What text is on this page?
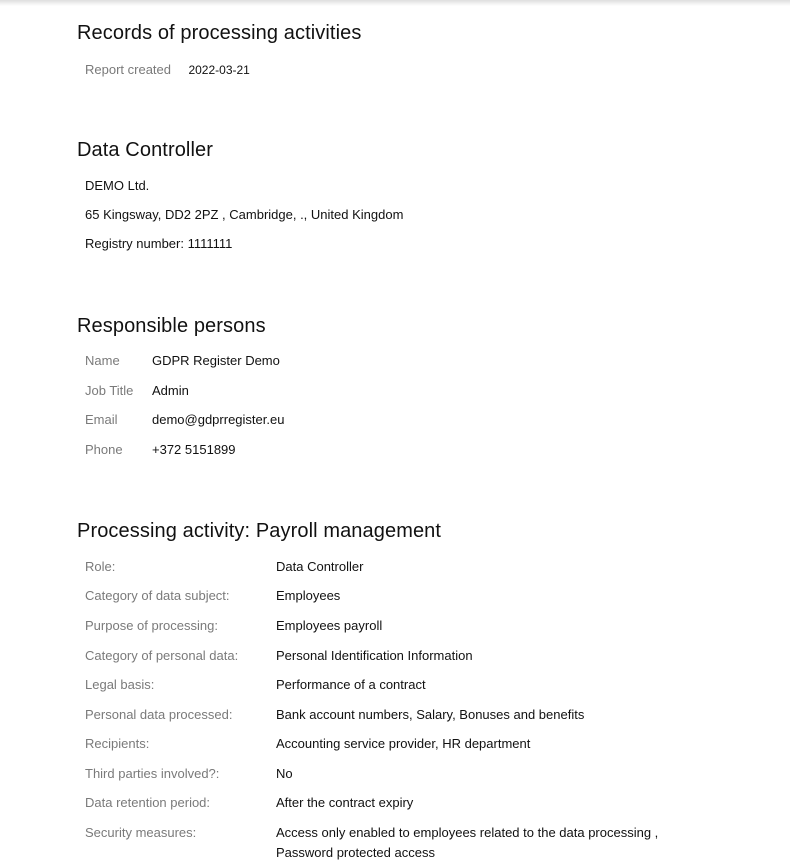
Records of processing activities
Report created 2022-03-21
Data Controller
DEMO Ltd.
65 Kingsway, DD2 2PZ , Cambridge, ., United Kingdom
Registry number: 1111111
Responsible persons
Name GDPR Register Demo
Job Title Admin
Email	demo@gdprregister.eu
Phone +372 5151899
Processing activity: Payroll management
Role:	Data Controller
Category of data subject:	Employees
Purpose of processing:	Employees payroll
Category of personal data:	Personal Identification Information
Legal basis:	Performance of a contract
Personal data processed:	Bank account numbers, Salary, Bonuses and benefits
Recipients:	Accounting service provider, HR department
Third parties involved?:	No
Data retention period:	After the contract expiry
Security measures:	Access only enabled to employees related to the data processing ,
Password protected access
